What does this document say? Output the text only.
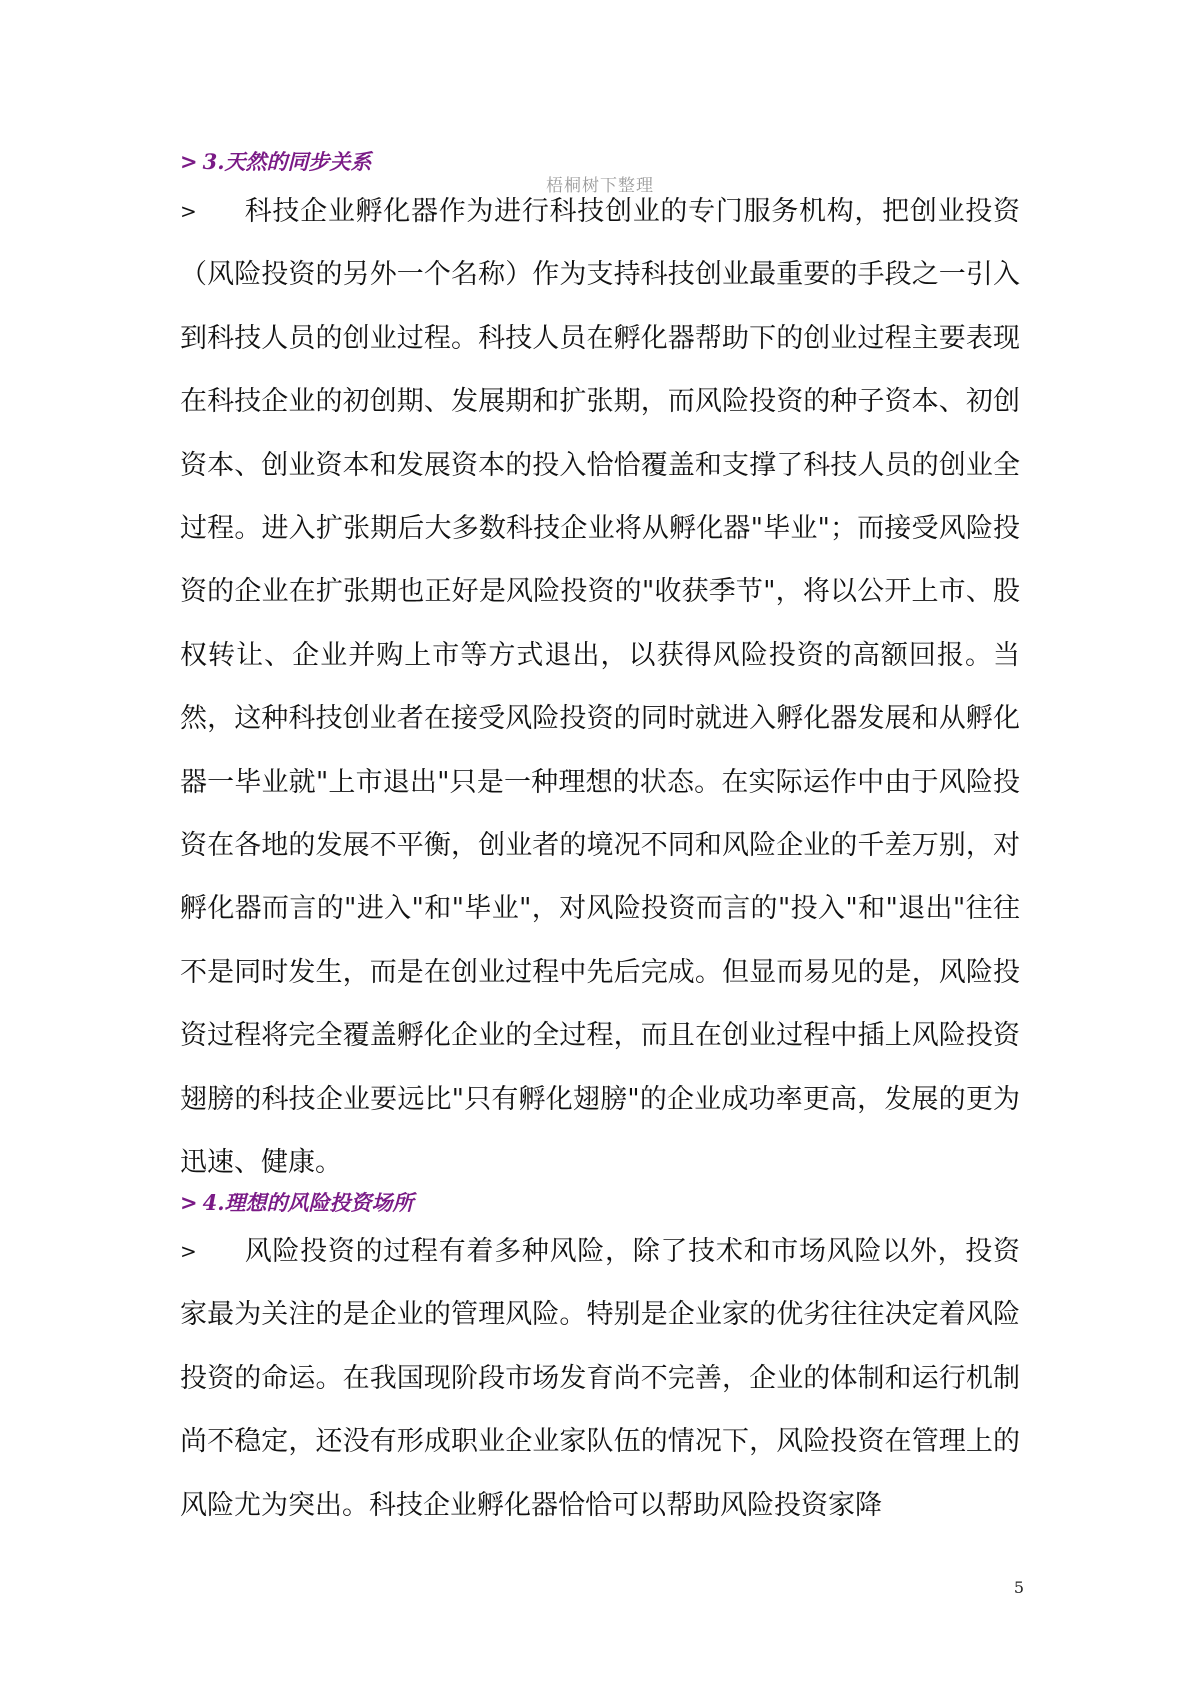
> 3.天然的同步关系
梧桐树下整理
> 科技企业孵化器作为进行科技创业的专门服务机构，把创业投资（风险投资的另外一个名称）作为支持科技创业最重要的手段之一引入到科技人员的创业过程。科技人员在孵化器帮助下的创业过程主要表现在科技企业的初创期、发展期和扩张期，而风险投资的种子资本、初创资本、创业资本和发展资本的投入恰恰覆盖和支撑了科技人员的创业全过程。进入扩张期后大多数科技企业将从孵化器"毕业"；而接受风险投资的企业在扩张期也正好是风险投资的"收获季节"，将以公开上市、股权转让、企业并购上市等方式退出，以获得风险投资的高额回报。当然，这种科技创业者在接受风险投资的同时就进入孵化器发展和从孵化器一毕业就"上市退出"只是一种理想的状态。在实际运作中由于风险投资在各地的发展不平衡，创业者的境况不同和风险企业的千差万别，对孵化器而言的"进入"和"毕业"，对风险投资而言的"投入"和"退出"往往不是同时发生，而是在创业过程中先后完成。但显而易见的是，风险投资过程将完全覆盖孵化企业的全过程，而且在创业过程中插上风险投资翅膀的科技企业要远比"只有孵化翅膀"的企业成功率更高，发展的更为迅速、健康。
> 4.理想的风险投资场所
> 风险投资的过程有着多种风险，除了技术和市场风险以外，投资家最为关注的是企业的管理风险。特别是企业家的优劣往往决定着风险投资的命运。在我国现阶段市场发育尚不完善，企业的体制和运行机制尚不稳定，还没有形成职业企业家队伍的情况下，风险投资在管理上的风险尤为突出。科技企业孵化器恰恰可以帮助风险投资家降
5
